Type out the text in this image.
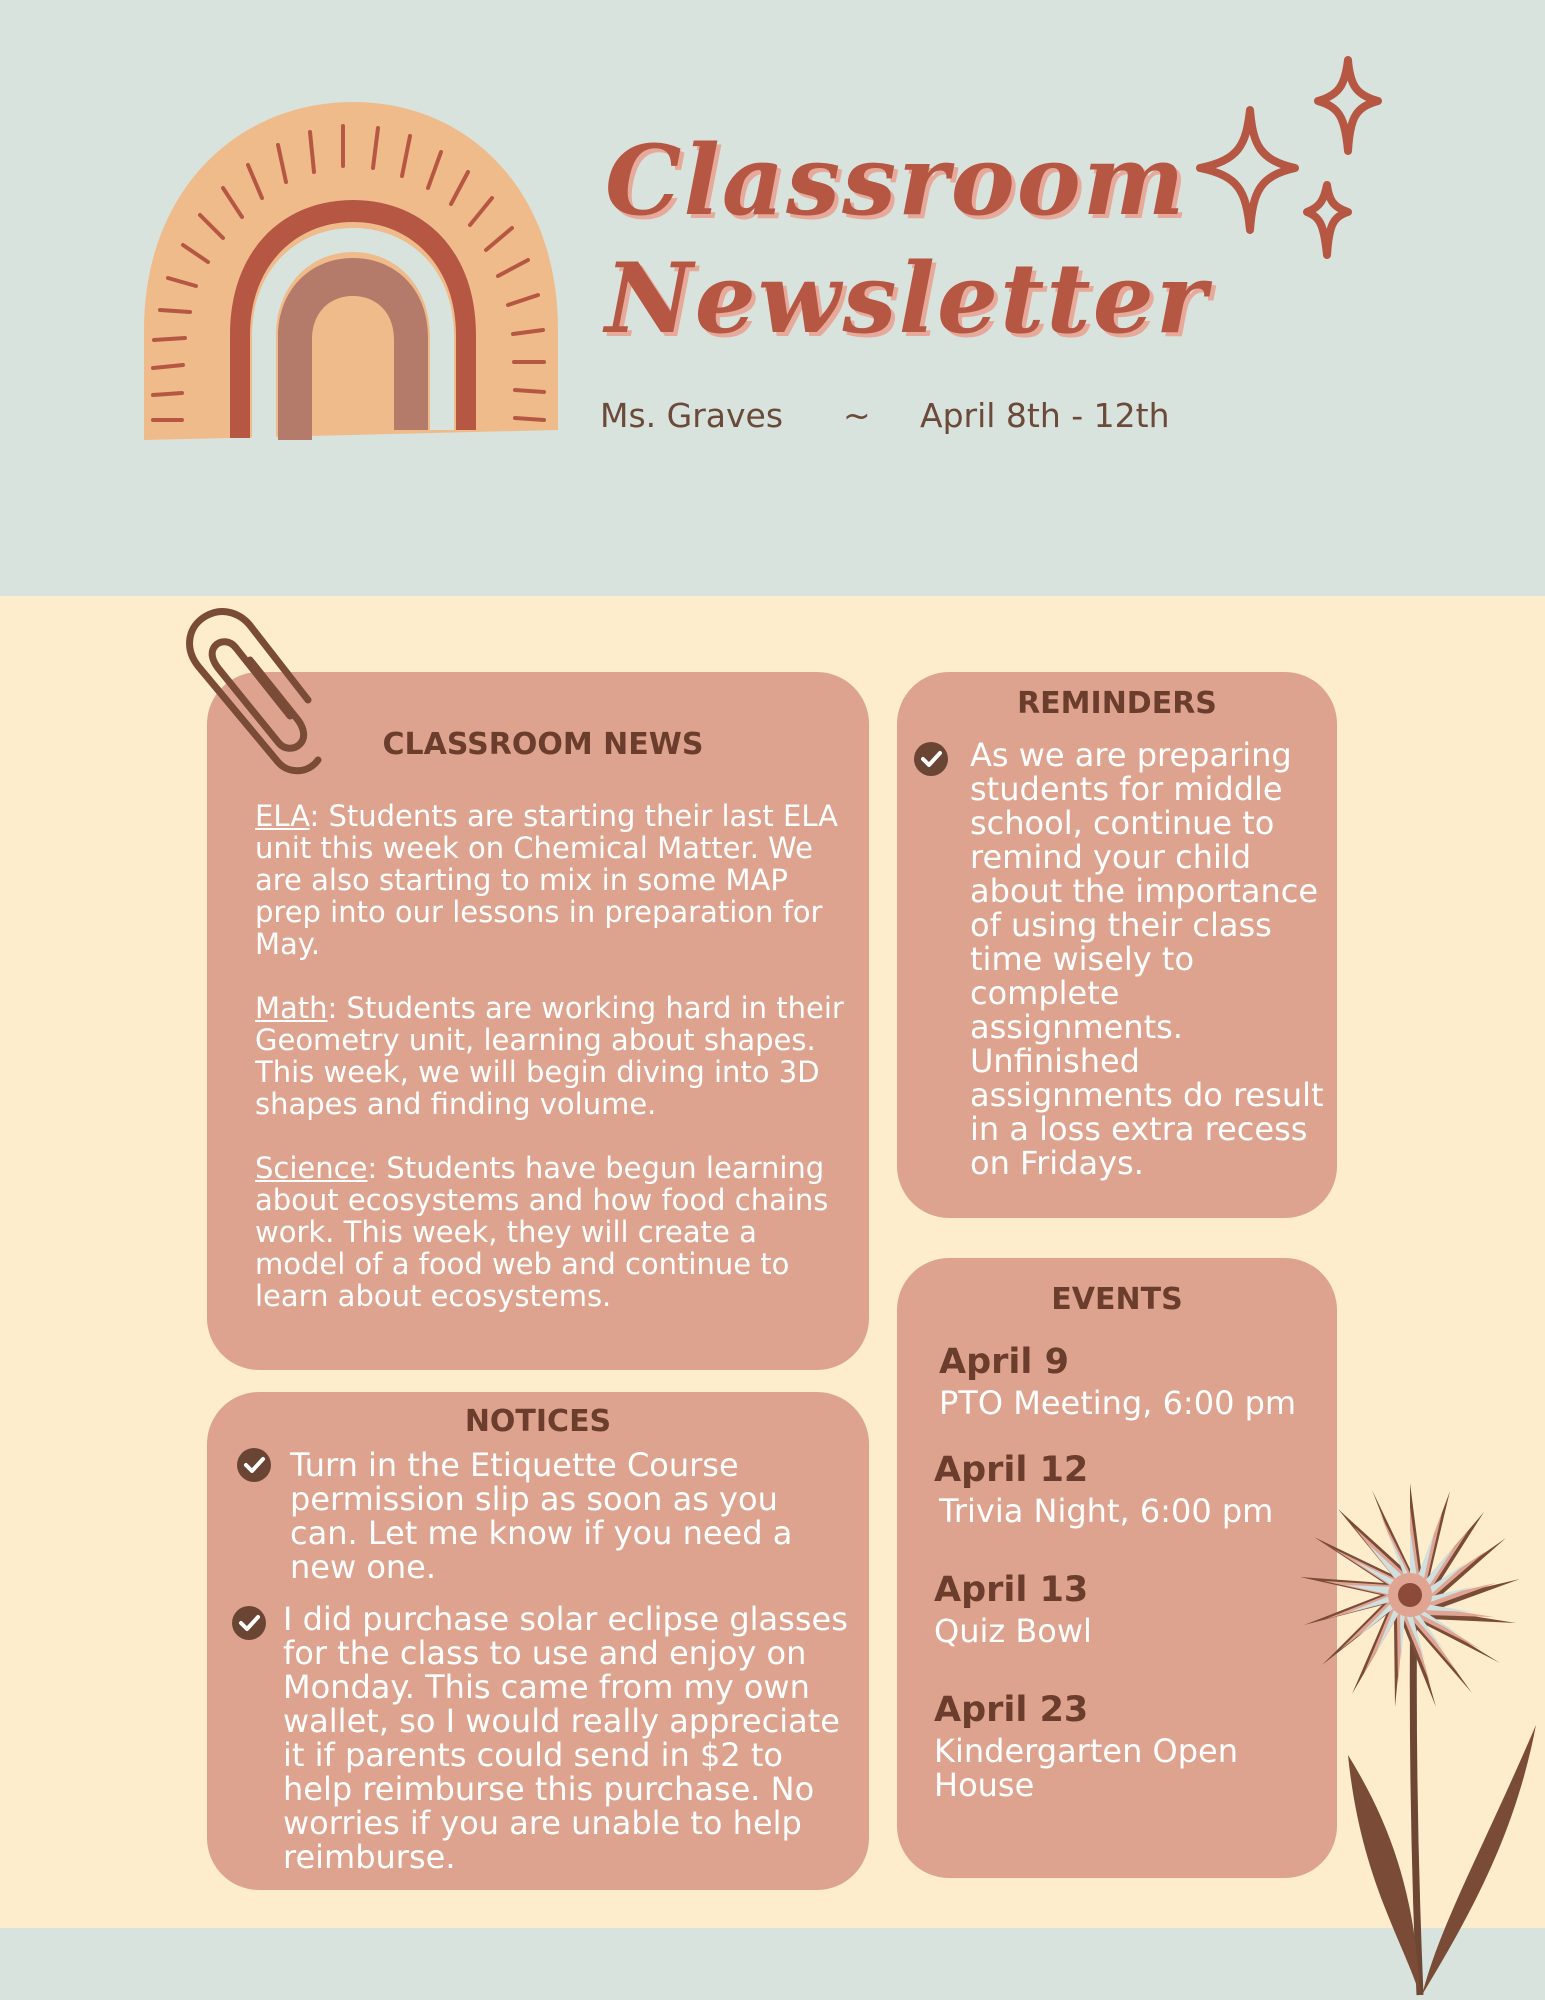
Classroom
Newsletter
Ms. Graves ~ April 8th - 12th
CLASSROOM NEWS

ELA: Students are starting their last ELA unit this week on Chemical Matter. We are also starting to mix in some MAP prep into our lessons in preparation for May.

Math: Students are working hard in their Geometry unit, learning about shapes. This week, we will begin diving into 3D shapes and finding volume.

Science: Students have begun learning about ecosystems and how food chains work. This week, they will create a model of a food web and continue to learn about ecosystems.

REMINDERS
As we are preparing students for middle school, continue to remind your child about the importance of using their class time wisely to complete assignments. Unfinished assignments do result in a loss extra recess on Fridays.
NOTICES
Turn in the Etiquette Course permission slip as soon as you can. Let me know if you need a new one.
I did purchase solar eclipse glasses for the class to use and enjoy on Monday. This came from my own wallet, so I would really appreciate it if parents could send in $2 to help reimburse this purchase. No worries if you are unable to help reimburse.
EVENTS
April 9
PTO Meeting, 6:00 pm
April 12
Trivia Night, 6:00 pm
April 13
Quiz Bowl
April 23
Kindergarten Open House
